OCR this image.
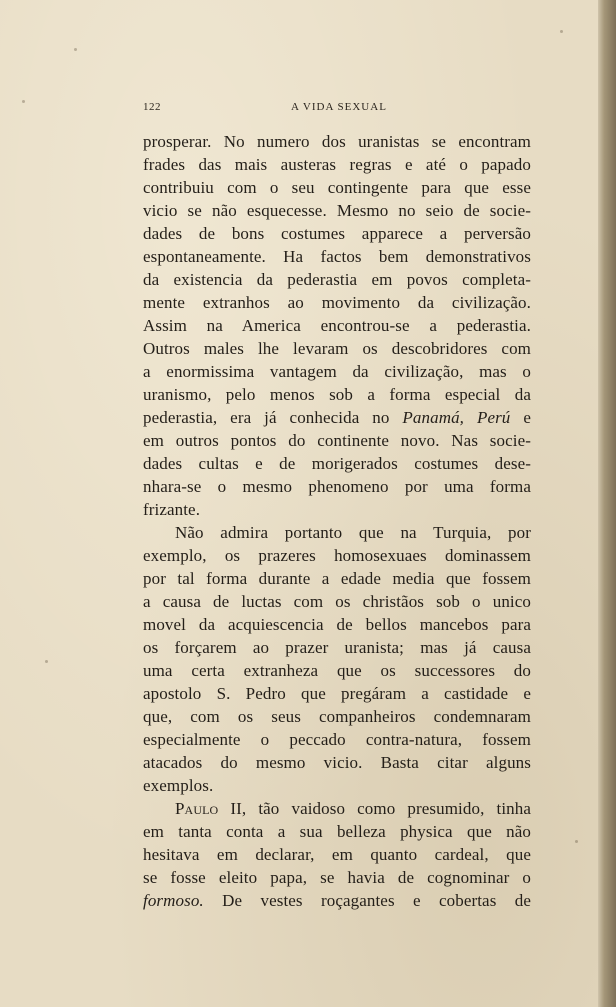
122	A VIDA SEXUAL
prosperar. No numero dos uranistas se encontram
frades das mais austeras regras e até o papado
contribuiu com o seu contingente para que esse
vicio se não esquecesse. Mesmo no seio de socie-
dades de bons costumes apparece a perversão
espontaneamente. Ha factos bem demonstrativos
da existencia da pederastia em povos completa-
mente extranhos ao movimento da civilização.
Assim na America encontrou-se a pederastia.
Outros males lhe levaram os descobridores com
a enormissima vantagem da civilização, mas o
uranismo, pelo menos sob a forma especial da
pederastia, era já conhecida no Panamá, Perú e
em outros pontos do continente novo. Nas socie-
dades cultas e de morigerados costumes dese-
nhara-se o mesmo phenomeno por uma forma
frizante.
Não admira portanto que na Turquia, por
exemplo, os prazeres homosexuaes dominassem
por tal forma durante a edade media que fossem
a causa de luctas com os christãos sob o unico
movel da acquiescencia de bellos mancebos para
os forçarem ao prazer uranista; mas já causa
uma certa extranheza que os successores do
apostolo S. Pedro que pregáram a castidade e
que, com os seus companheiros condemnaram
especialmente o peccado contra-natura, fossem
atacados do mesmo vicio. Basta citar alguns
exemplos.
Paulo II, tão vaidoso como presumido, tinha
em tanta conta a sua belleza physica que não
hesitava em declarar, em quanto cardeal, que
se fosse eleito papa, se havia de cognominar o
formoso. De vestes roçagantes e cobertas de
